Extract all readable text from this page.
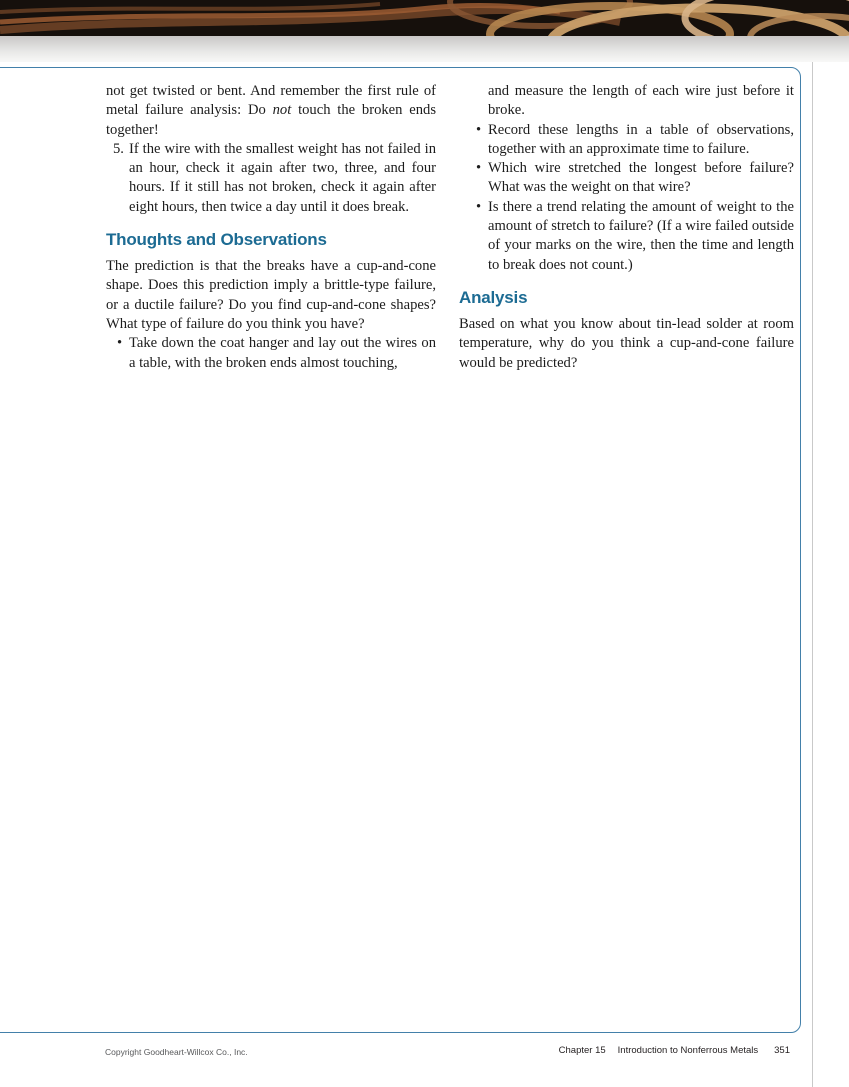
not get twisted or bent. And remember the first rule of metal failure analysis: Do not touch the broken ends together!

5. If the wire with the smallest weight has not failed in an hour, check it again after two, three, and four hours. If it still has not broken, check it again after eight hours, then twice a day until it does break.

Thoughts and Observations

The prediction is that the breaks have a cup-and-cone shape. Does this prediction imply a brittle-type failure, or a ductile failure? Do you find cup-and-cone shapes? What type of failure do you think you have?

• Take down the coat hanger and lay out the wires on a table, with the broken ends almost touching,

and measure the length of each wire just before it broke.

• Record these lengths in a table of observations, together with an approximate time to failure.

• Which wire stretched the longest before failure? What was the weight on that wire?

• Is there a trend relating the amount of weight to the amount of stretch to failure? (If a wire failed outside of your marks on the wire, then the time and length to break does not count.)

Analysis

Based on what you know about tin-lead solder at room temperature, why do you think a cup-and-cone failure would be predicted?

Copyright Goodheart-Willcox Co., Inc.	Chapter 15 Introduction to Nonferrous Metals 351
